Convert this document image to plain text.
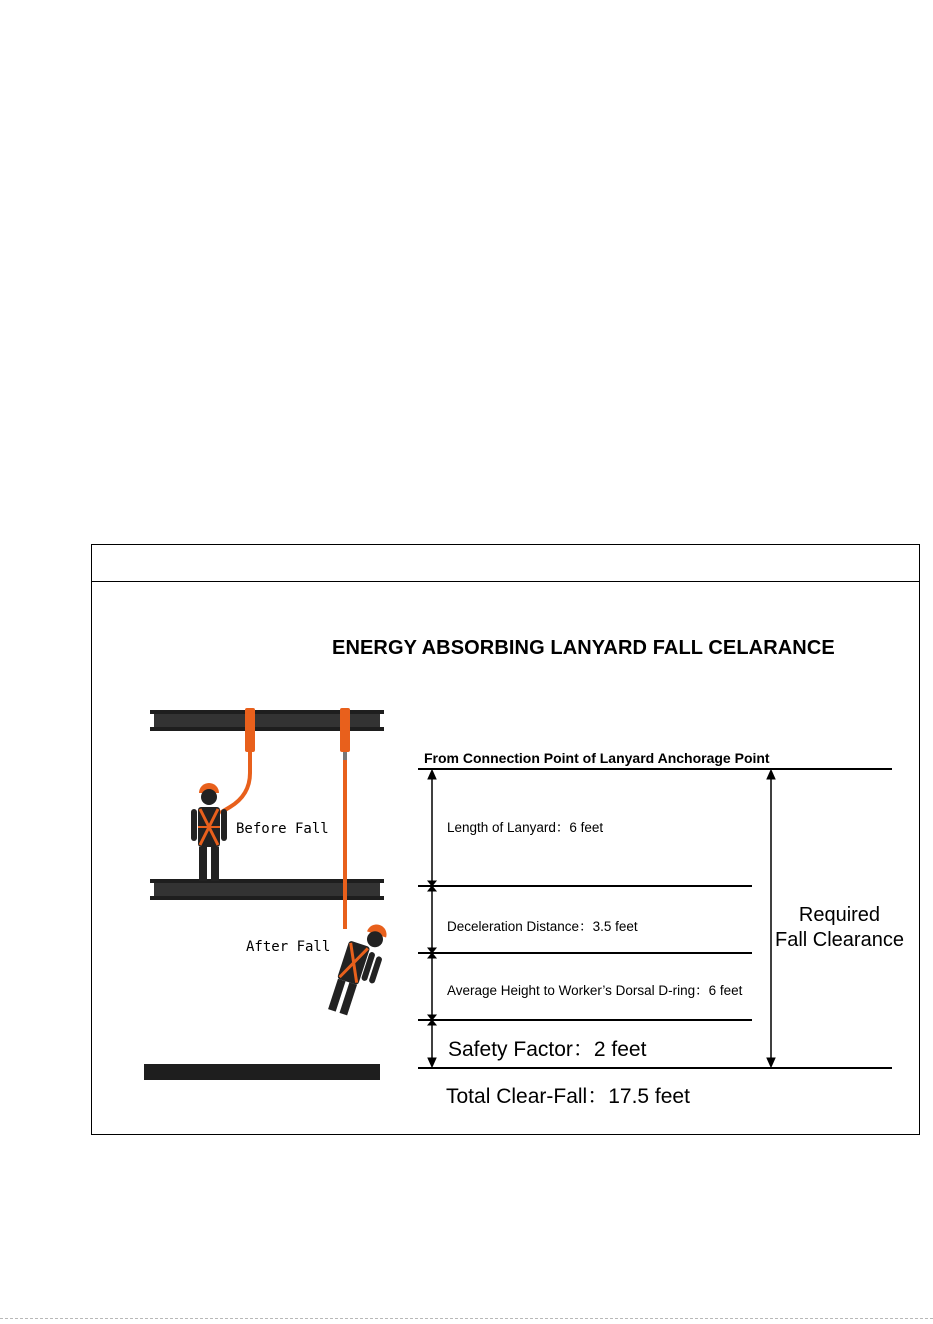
ENERGY ABSORBING LANYARD FALL CELARANCE
Before Fall
After Fall
From Connection Point of Lanyard Anchorage Point
Length of Lanyard：6 feet
Deceleration Distance：3.5 feet
Average Height to Worker’s Dorsal D-ring：6 feet
Safety Factor：2 feet
Total Clear-Fall：17.5 feet
Required
Fall Clearance
